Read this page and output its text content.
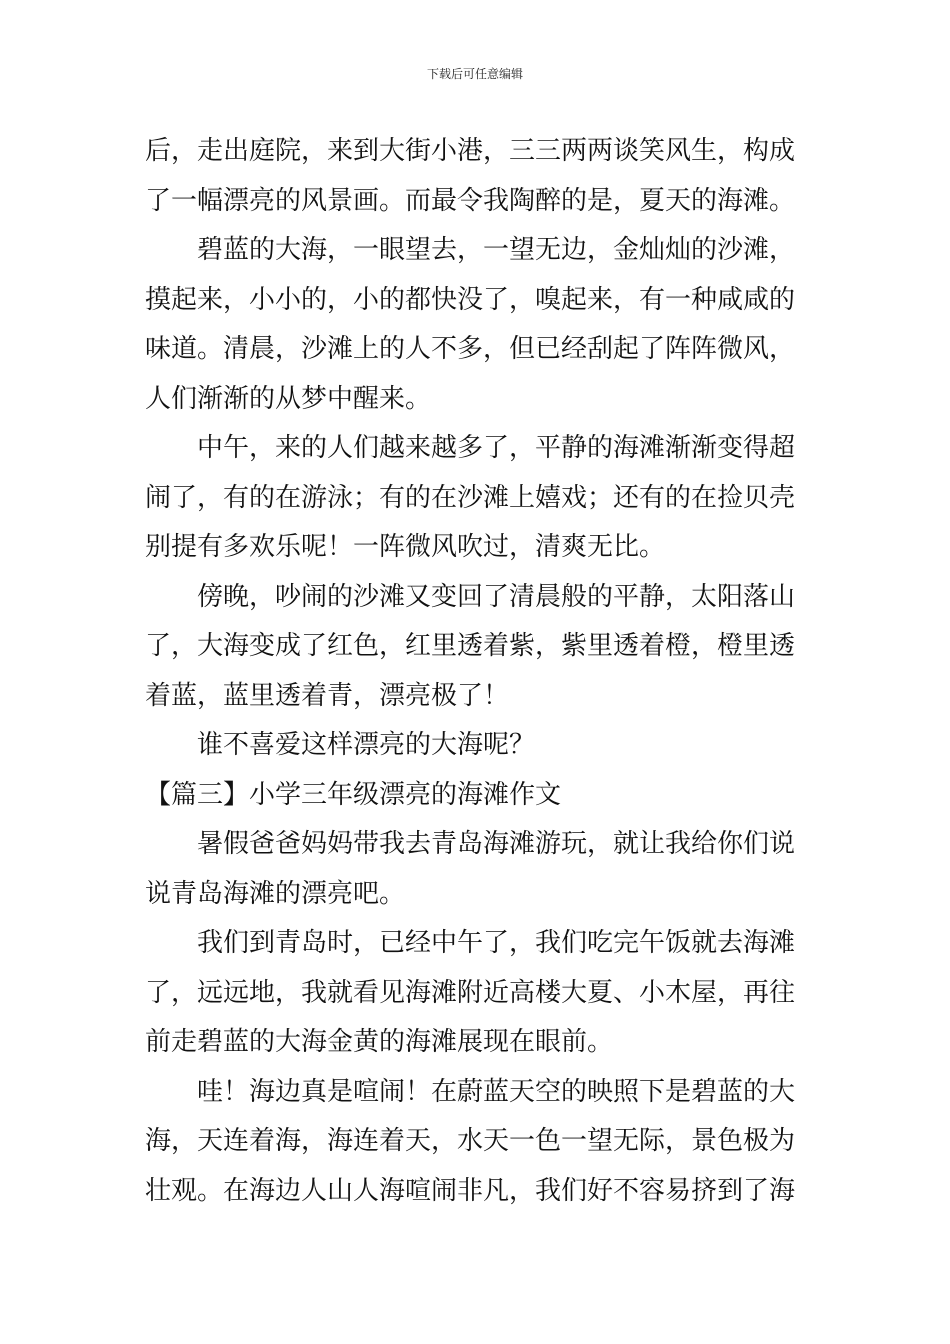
下载后可任意编辑
后，走出庭院，来到大街小港，三三两两谈笑风生，构成
了一幅漂亮的风景画。而最令我陶醉的是，夏天的海滩。
碧蓝的大海，一眼望去，一望无边，金灿灿的沙滩，
摸起来，小小的，小的都快没了，嗅起来，有一种咸咸的
味道。清晨，沙滩上的人不多，但已经刮起了阵阵微风，
人们渐渐的从梦中醒来。
中午，来的人们越来越多了，平静的海滩渐渐变得超
闹了，有的在游泳；有的在沙滩上嬉戏；还有的在捡贝壳
别提有多欢乐呢！一阵微风吹过，清爽无比。
傍晚，吵闹的沙滩又变回了清晨般的平静，太阳落山
了，大海变成了红色，红里透着紫，紫里透着橙，橙里透
着蓝，蓝里透着青，漂亮极了！
谁不喜爱这样漂亮的大海呢？
【篇三】小学三年级漂亮的海滩作文
暑假爸爸妈妈带我去青岛海滩游玩，就让我给你们说
说青岛海滩的漂亮吧。
我们到青岛时，已经中午了，我们吃完午饭就去海滩
了，远远地，我就看见海滩附近高楼大夏、小木屋，再往
前走碧蓝的大海金黄的海滩展现在眼前。
哇！海边真是喧闹！在蔚蓝天空的映照下是碧蓝的大
海，天连着海，海连着天，水天一色一望无际，景色极为
壮观。在海边人山人海喧闹非凡，我们好不容易挤到了海
